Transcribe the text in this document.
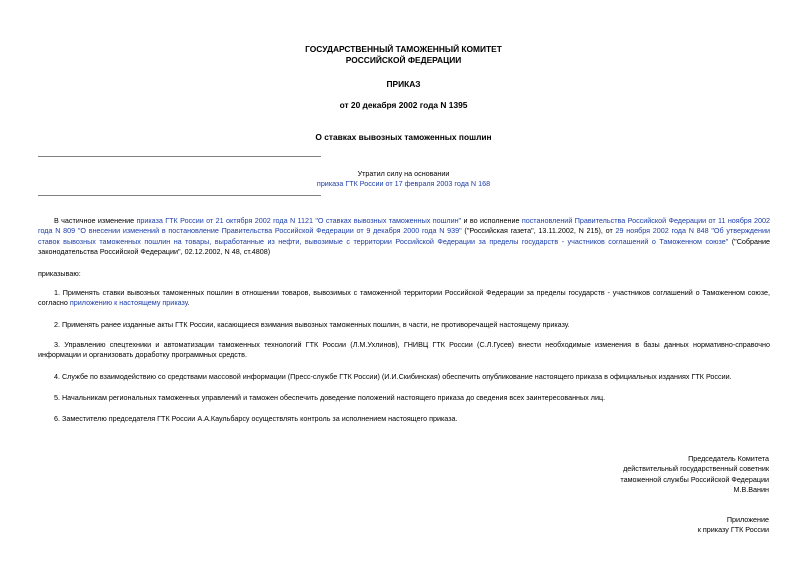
ГОСУДАРСТВЕННЫЙ ТАМОЖЕННЫЙ КОМИТЕТ
РОССИЙСКОЙ ФЕДЕРАЦИИ
ПРИКАЗ
от 20 декабря 2002 года N 1395
О ставках вывозных таможенных пошлин
Утратил силу на основании
приказа ГТК России от 17 февраля 2003 года N 168
В частичное изменение приказа ГТК России от 21 октября 2002 года N 1121 "О ставках вывозных таможенных пошлин" и во исполнение постановлений Правительства Российской Федерации от 11 ноября 2002 года N 809 "О внесении изменений в постановление Правительства Российской Федерации от 9 декабря 2000 года N 939" ("Российская газета", 13.11.2002, N 215), от 29 ноября 2002 года N 848 "Об утверждении ставок вывозных таможенных пошлин на товары, выработанные из нефти, вывозимые с территории Российской Федерации за пределы государств - участников соглашений о Таможенном союзе" ("Собрание законодательства Российской Федерации", 02.12.2002, N 48, ст.4808)
приказываю:
1. Применять ставки вывозных таможенных пошлин в отношении товаров, вывозимых с таможенной территории Российской Федерации за пределы государств - участников соглашений о Таможенном союзе, согласно приложению к настоящему приказу.
2. Применять ранее изданные акты ГТК России, касающиеся взимания вывозных таможенных пошлин, в части, не противоречащей настоящему приказу.
3. Управлению спецтехники и автоматизации таможенных технологий ГТК России (Л.М.Ухлинов), ГНИВЦ ГТК России (С.Л.Гусев) внести необходимые изменения в базы данных нормативно-справочно информации и организовать доработку программных средств.
4. Службе по взаимодействию со средствами массовой информации (Пресс-службе ГТК России) (И.И.Скибинская) обеспечить опубликование настоящего приказа в официальных изданиях ГТК России.
5. Начальникам региональных таможенных управлений и таможен обеспечить доведение положений настоящего приказа до сведения всех заинтересованных лиц.
6. Заместителю председателя ГТК России А.А.Каульбарсу осуществлять контроль за исполнением настоящего приказа.
Председатель Комитета
действительный государственный советник
таможенной службы Российской Федерации
М.В.Ванин
Приложение
к приказу ГТК России
